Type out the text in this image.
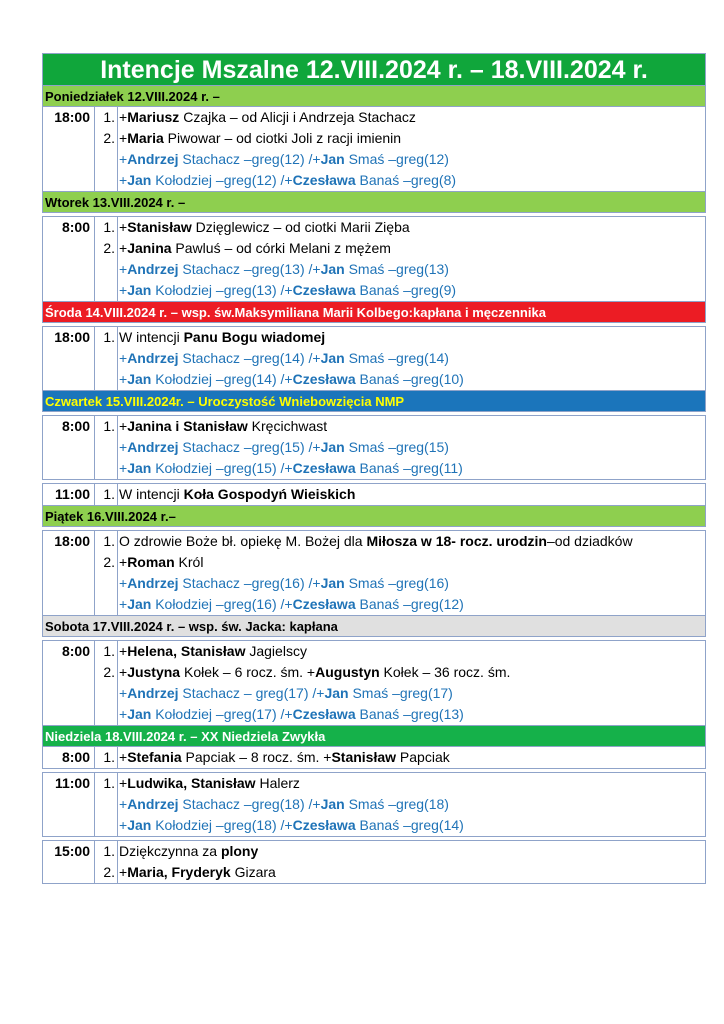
Intencje Mszalne 12.VIII.2024 r. – 18.VIII.2024 r.
Poniedziałek 12.VIII.2024 r. –
18:00 1. +Mariusz Czajka – od Alicji i Andrzeja Stachacz
2. +Maria Piwowar – od ciotki Joli z racji imienin
+Andrzej Stachacz –greg(12) /+Jan Smaś –greg(12)
+Jan Kołodziej –greg(12) /+Czesława Banaś –greg(8)
Wtorek 13.VIII.2024 r. –
8:00 1. +Stanisław Dzięglewicz – od ciotki Marii Zięba
2. +Janina Pawluś – od córki Melani z mężem
+Andrzej Stachacz –greg(13) /+Jan Smaś –greg(13)
+Jan Kołodziej –greg(13) /+Czesława Banaś –greg(9)
Środa 14.VIII.2024 r. – wsp. św.Maksymiliana Marii Kolbego:kapłana i męczennika
18:00 1. W intencji Panu Bogu wiadomej
+Andrzej Stachacz –greg(14) /+Jan Smaś –greg(14)
+Jan Kołodziej –greg(14) /+Czesława Banaś –greg(10)
Czwartek 15.VIII.2024r. – Uroczystość Wniebowzięcia NMP
8:00 1. +Janina i Stanisław Kręcichwast
+Andrzej Stachacz –greg(15) /+Jan Smaś –greg(15)
+Jan Kołodziej –greg(15) /+Czesława Banaś –greg(11)
11:00 1. W intencji Koła Gospodyń Wieiskich
Piątek 16.VIII.2024 r.–
18:00 1. O zdrowie Boże bł. opiekę M. Bożej dla Miłosza w 18- rocz. urodzin–od dziadków
2. +Roman Król
+Andrzej Stachacz –greg(16) /+Jan Smaś –greg(16)
+Jan Kołodziej –greg(16) /+Czesława Banaś –greg(12)
Sobota 17.VIII.2024 r. – wsp. św. Jacka: kapłana
8:00 1. +Helena, Stanisław Jagielscy
2. +Justyna Kołek – 6 rocz. śm. +Augustyn Kołek – 36 rocz. śm.
+Andrzej Stachacz – greg(17) /+Jan Smaś –greg(17)
+Jan Kołodziej –greg(17) /+Czesława Banaś –greg(13)
Niedziela 18.VIII.2024 r. – XX Niedziela Zwykła
8:00 1. +Stefania Papciak – 8 rocz. śm. +Stanisław Papciak
11:00 1. +Ludwika, Stanisław Halerz
+Andrzej Stachacz –greg(18) /+Jan Smaś –greg(18)
+Jan Kołodziej –greg(18) /+Czesława Banaś –greg(14)
15:00 1. Dziękczynna za plony
2. +Maria, Fryderyk Gizara
